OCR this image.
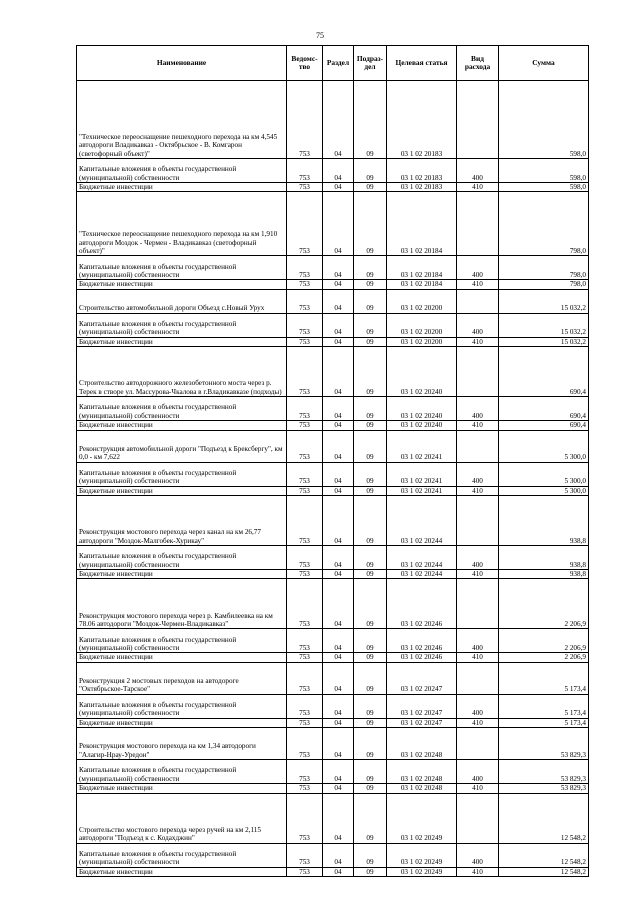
75
Наименование	Ведомс-тво	Раздел	Подраз-дел	Целевая статья	Вид расхода	Сумма
"Техническое переоснащение пешеходного перехода на км 4,545 автодороги Владикавказ - Октябрьское - В. Комгарон (светофорный объект)"	753	04	09	03 1 02 20183		598,0
Капитальные вложения в объекты государственной (муниципальной) собственности	753	04	09	03 1 02 20183	400	598,0
Бюджетные инвестиции	753	04	09	03 1 02 20183	410	598,0
"Техническое переоснащение пешеходного перехода на км 1,910 автодороги Моздок - Чермен - Владикавказ (светофорный объект)"	753	04	09	03 1 02 20184		798,0
Капитальные вложения в объекты государственной (муниципальной) собственности	753	04	09	03 1 02 20184	400	798,0
Бюджетные инвестиции	753	04	09	03 1 02 20184	410	798,0
Строительство автомобильной дороги Объезд с.Новый Урух	753	04	09	03 1 02 20200		15 032,2
Капитальные вложения в объекты государственной (муниципальной) собственности	753	04	09	03 1 02 20200	400	15 032,2
Бюджетные инвестиции	753	04	09	03 1 02 20200	410	15 032,2
Строительство автодорожного железобетонного моста через р. Терек в створе ул. Массурова-Чкалова в г.Владикавказе (подходы)	753	04	09	03 1 02 20240		690,4
Капитальные вложения в объекты государственной (муниципальной) собственности	753	04	09	03 1 02 20240	400	690,4
Бюджетные инвестиции	753	04	09	03 1 02 20240	410	690,4
Реконструкция автомобильной дороги "Подъезд к Брексбергу", км 0,0 - км 7,622	753	04	09	03 1 02 20241		5 300,0
Капитальные вложения в объекты государственной (муниципальной) собственности	753	04	09	03 1 02 20241	400	5 300,0
Бюджетные инвестиции	753	04	09	03 1 02 20241	410	5 300,0
Реконструкция мостового перехода через канал на км 26,77 автодороги "Моздок-Малгобек-Хурикау"	753	04	09	03 1 02 20244		938,8
Капитальные вложения в объекты государственной (муниципальной) собственности	753	04	09	03 1 02 20244	400	938,8
Бюджетные инвестиции	753	04	09	03 1 02 20244	410	938,8
Реконструкция мостового перехода через р. Камбилеевка на км 78.06 автодороги "Моздок-Чермен-Владикавказ"	753	04	09	03 1 02 20246		2 206,9
Капитальные вложения в объекты государственной (муниципальной) собственности	753	04	09	03 1 02 20246	400	2 206,9
Бюджетные инвестиции	753	04	09	03 1 02 20246	410	2 206,9
Реконструкция 2 мостовых переходов на автодороге "Октябрьское-Тарское"	753	04	09	03 1 02 20247		5 173,4
Капитальные вложения в объекты государственной (муниципальной) собственности	753	04	09	03 1 02 20247	400	5 173,4
Бюджетные инвестиции	753	04	09	03 1 02 20247	410	5 173,4
Реконструкция мостового перехода на км 1,34 автодороги "Алагир-Нрау-Уредон"	753	04	09	03 1 02 20248		53 829,3
Капитальные вложения в объекты государственной (муниципальной) собственности	753	04	09	03 1 02 20248	400	53 829,3
Бюджетные инвестиции	753	04	09	03 1 02 20248	410	53 829,3
Строительство мостового перехода через ручей на км 2,115 автодороги "Подъезд к с. Кодахджин"	753	04	09	03 1 02 20249		12 548,2
Капитальные вложения в объекты государственной (муниципальной) собственности	753	04	09	03 1 02 20249	400	12 548,2
Бюджетные инвестиции	753	04	09	03 1 02 20249	410	12 548,2
